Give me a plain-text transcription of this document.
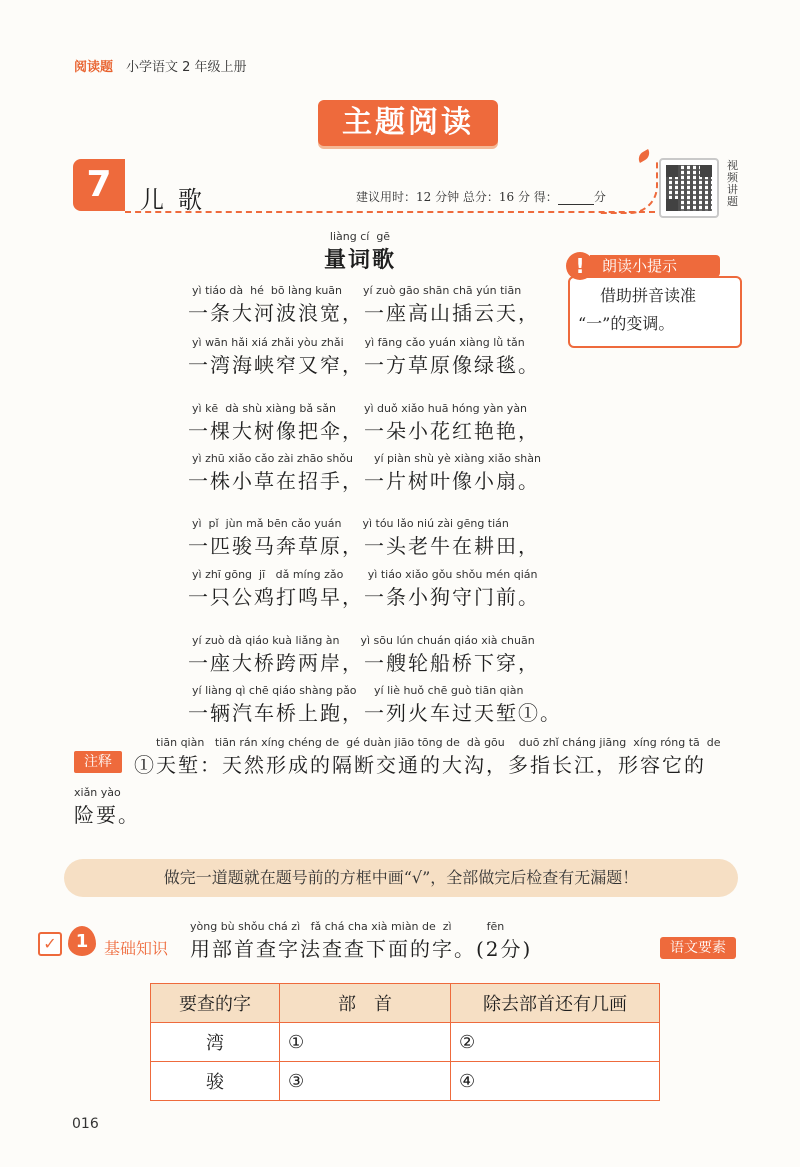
阅读题 小学语文 2 年级上册
主题阅读
7	儿歌	建议用时：12 分钟 总分：16 分 得：	分
视频讲题
liàng cí  gē
量词歌
yì tiáo dà  hé  bō làng kuān      yí zuò gāo shān chā yún tiān
一条大河波浪宽，一座高山插云天，
yì wān hǎi xiá zhǎi yòu zhǎi      yì fāng cǎo yuán xiàng lǜ tǎn
一湾海峡窄又窄，一方草原像绿毯。
yì kē  dà shù xiàng bǎ sǎn        yì duǒ xiǎo huā hóng yàn yàn
一棵大树像把伞，一朵小花红艳艳，
yì zhū xiǎo cǎo zài zhāo shǒu      yí piàn shù yè xiàng xiǎo shàn
一株小草在招手，一片树叶像小扇。
yì  pǐ  jùn mǎ bēn cǎo yuán      yì tóu lǎo niú zài gēng tián
一匹骏马奔草原，一头老牛在耕田，
yì zhī gōng  jī   dǎ míng zǎo       yì tiáo xiǎo gǒu shǒu mén qián
一只公鸡打鸣早，一条小狗守门前。
yí zuò dà qiáo kuà liǎng àn      yì sōu lún chuán qiáo xià chuān
一座大桥跨两岸，一艘轮船桥下穿，
yí liàng qì chē qiáo shàng pǎo     yí liè huǒ chē guò tiān qiàn
一辆汽车桥上跑，一列火车过天堑①。
借助拼音读准
“一”的变调。
朗读小提示
!
注释
tiān qiàn   tiān rán xíng chéng de  gé duàn jiāo tōng de  dà gōu    duō zhǐ cháng jiāng  xíng róng tā  de
①天堑：天然形成的隔断交通的大沟，多指长江，形容它的
xiǎn yào
险要。
做完一道题就在题号前的方框中画“√”，全部做完后检查有无漏题！
✓	1 基础知识
yòng bù shǒu chá zì   fǎ chá cha xià miàn de  zì          fēn
用部首查字法查查下面的字。(2分)	语文要素
要查的字	部　首	除去部首还有几画
湾	①	②
骏	③	④
016
